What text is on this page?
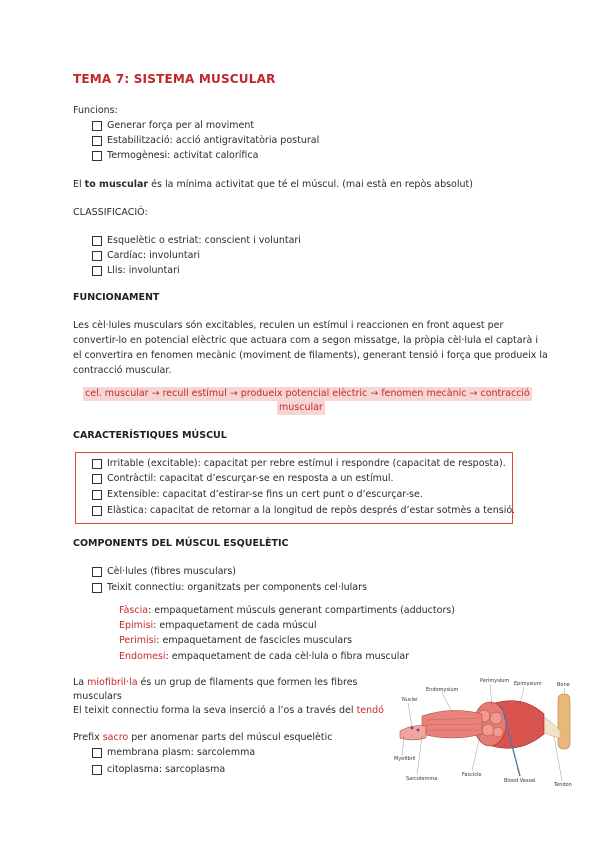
TEMA 7: SISTEMA MUSCULAR
Funcions:
Generar força per al moviment
Estabilització: acció antigravitatòria postural
Termogènesi: activitat calorífica
El to muscular és la mínima activitat que té el múscul. (mai està en repòs absolut)
CLASSIFICACIÓ:
Esquelètic o estriat: conscient i voluntari
Cardíac: involuntari
Llis: involuntari
FUNCIONAMENT
Les cèl·lules musculars són excitables, reculen un estímul i reaccionen en front aquest per
convertir-lo en potencial elèctric que actuara com a segon missatge, la pròpia cèl·lula el captarà i
el convertira en fenomen mecànic (moviment de filaments), generant tensió i força que produeix la
contracció muscular.
cel. muscular → recull estímul → produeix potencial elèctric → fenomen mecànic → contracció
muscular
CARACTERÍSTIQUES MÚSCUL
Irritable (excitable): capacitat per rebre estímul i respondre (capacitat de resposta).
Contràctil: capacitat d’escurçar-se en resposta a un estímul.
Extensible: capacitat d’estirar-se fins un cert punt o d’escurçar-se.
Elàstica: capacitat de retornar a la longitud de repòs després d’estar sotmès a tensió.
COMPONENTS DEL MÚSCUL ESQUELÈTIC
Cèl·lules (fibres musculars)
Teixit connectiu: organitzats per components cel·lulars
Fàscia: empaquetament músculs generant compartiments (adductors)
Epimisi: empaquetament de cada múscul
Perimisi: empaquetament de fascicles musculars
Endomesi: empaquetament de cada cèl·lula o fibra muscular
La miofibril·la és un grup de filaments que formen les fibres
musculars
El teixit connectiu forma la seva inserció a l’os a través del tendó
Prefix sacro per anomenar parts del múscul esquelètic
membrana plasm: sarcolemma
citoplasma: sarcoplasma
Perimysium Epimysium	Bone
Endomysium
Nuclei
Myofibril
Sarcolemma
Fascicle
Blood Vessel
Tendon
